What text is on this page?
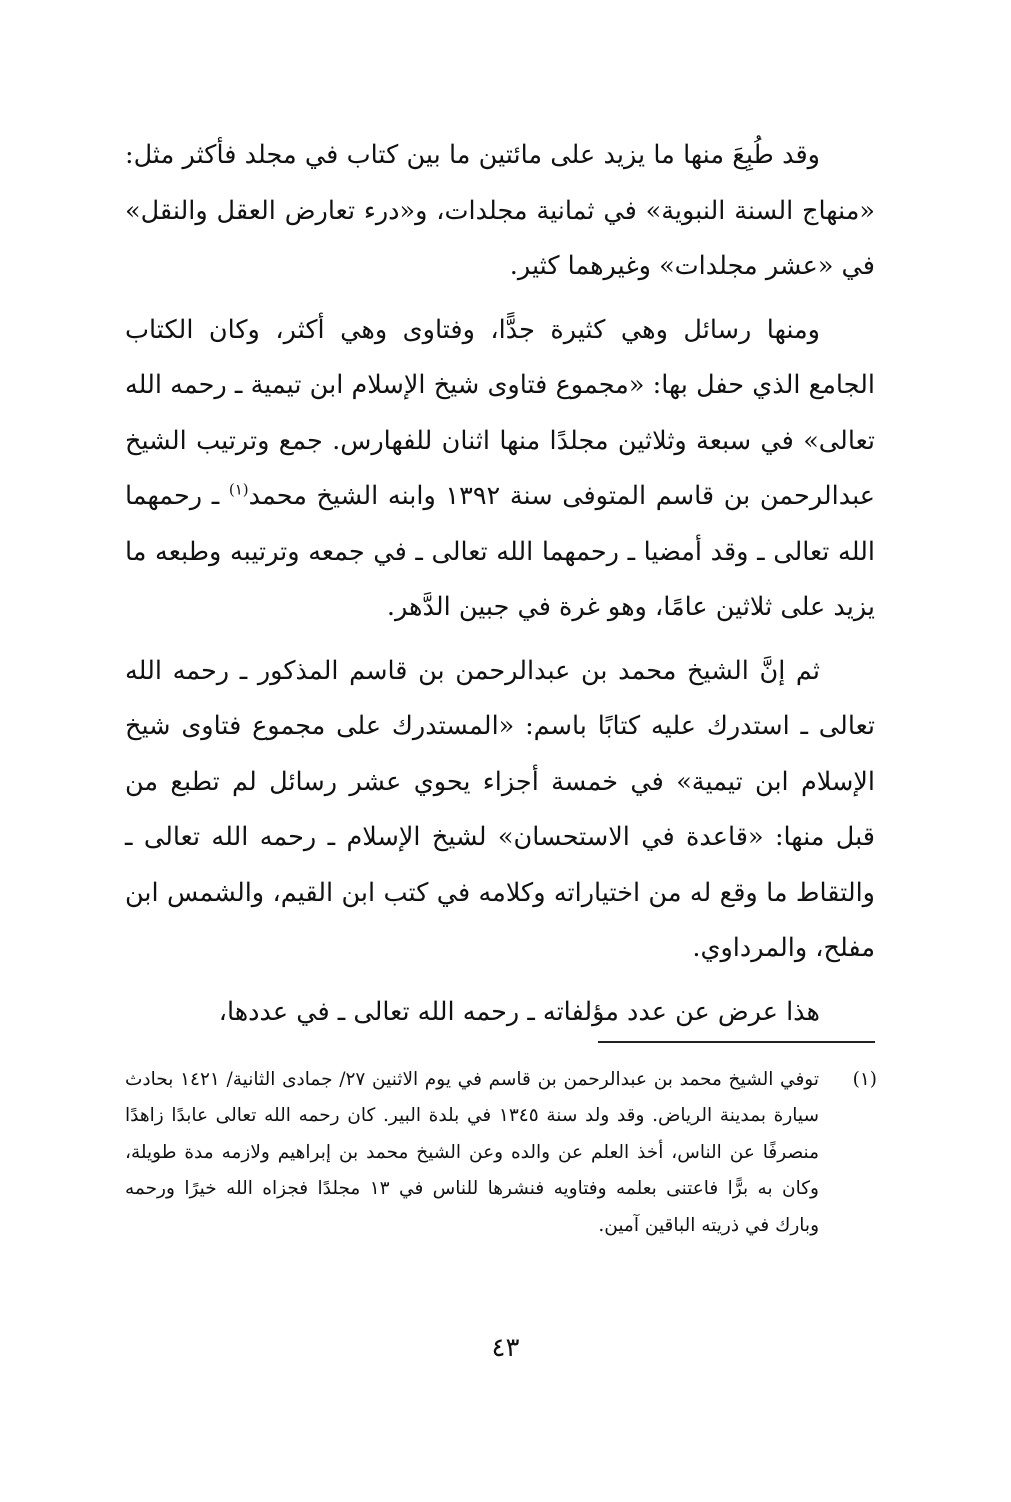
وقد طُبِعَ منها ما يزيد على مائتين ما بين كتاب في مجلد فأكثر مثل: «منهاج السنة النبوية» في ثمانية مجلدات، و«درء تعارض العقل والنقل» في «عشر مجلدات» وغيرهما كثير.

ومنها رسائل وهي كثيرة جدًّا، وفتاوى وهي أكثر، وكان الكتاب الجامع الذي حفل بها: «مجموع فتاوى شيخ الإسلام ابن تيمية ـ رحمه الله تعالى» في سبعة وثلاثين مجلدًا منها اثنان للفهارس. جمع وترتيب الشيخ عبدالرحمن بن قاسم المتوفى سنة ١٣٩٢ وابنه الشيخ محمد$^{(١)}$ ـ رحمهما الله تعالى ـ وقد أمضيا ـ رحمهما الله تعالى ـ في جمعه وترتيبه وطبعه ما يزيد على ثلاثين عامًا، وهو غرة في جبين الدَّهر.

ثم إنَّ الشيخ محمد بن عبدالرحمن بن قاسم المذكور ـ رحمه الله تعالى ـ استدرك عليه كتابًا باسم: «المستدرك على مجموع فتاوى شيخ الإسلام ابن تيمية» في خمسة أجزاء يحوي عشر رسائل لم تطبع من قبل منها: «قاعدة في الاستحسان» لشيخ الإسلام ـ رحمه الله تعالى ـ والتقاط ما وقع له من اختياراته وكلامه في كتب ابن القيم، والشمس ابن مفلح، والمرداوي.

هذا عرض عن عدد مؤلفاته ـ رحمه الله تعالى ـ في عددها،

(١)
توفي الشيخ محمد بن عبدالرحمن بن قاسم في يوم الاثنين ٢٧/ جمادى الثانية/ ١٤٢١ بحادث سيارة بمدينة الرياض. وقد ولد سنة ١٣٤٥ في بلدة البير. كان رحمه الله تعالى عابدًا زاهدًا منصرفًا عن الناس، أخذ العلم عن والده وعن الشيخ محمد بن إبراهيم ولازمه مدة طويلة، وكان به برًّا فاعتنى بعلمه وفتاويه فنشرها للناس في ١٣ مجلدًا فجزاه الله خيرًا ورحمه وبارك في ذريته الباقين آمين.
٤٣
